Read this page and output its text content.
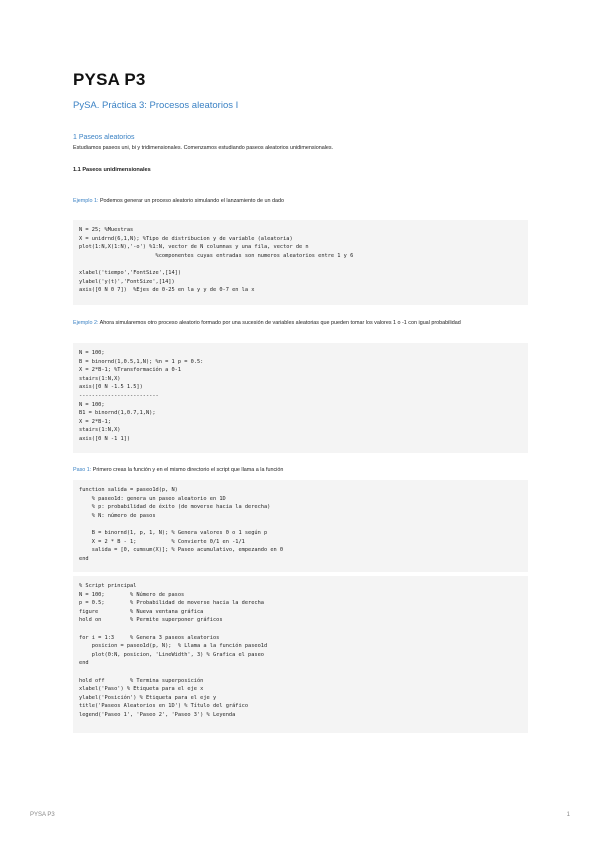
PYSA P3
PySA. Práctica 3: Procesos aleatorios I
1 Paseos aleatorios
Estudiamos paseos uni, bi y tridimensionales. Comenzamos estudiando paseos aleatorios unidimensionales.
1.1 Paseos unidimensionales
Ejemplo 1: Podemos generar un proceso aleatorio simulando el lanzamiento de un dado
N = 25; %Muestras
X = unidrnd(6,1,N); %Tipo de distribucion y de variable (aleatoria)
plot(1:N,X(1:N),'-o') %1:N, vector de N columnas y una fila, vector de n
%componentes cuyas entradas son numeros aleatorios entre 1 y 6

xlabel('tiempo','FontSize',[14])
ylabel('y(t)','FontSize',[14])
axis([0 N 0 7])  %Ejes de 0-25 en la y y de 0-7 en la x
Ejemplo 2: Ahora simularemos otro proceso aleatorio formado por una sucesión de variables aleatorias que pueden tomar los valores 1 o -1 con igual probabilidad
N = 100;
B = binornd(1,0.5,1,N); %n = 1 p = 0.5:
X = 2*B-1; %Transformación a 0-1
stairs(1:N,X)
axis([0 N -1.5 1.5])
-------------------------
N = 100;
B1 = binornd(1,0.7,1,N);
X = 2*B-1;
stairs(1:N,X)
axis([0 N -1 1])
Paso 1: Primero creas la función y en el mismo directorio el script que llama a la función
function salida = paseo1d(p, N)
% paseo1d: genera un paseo aleatorio en 1D
% p: probabilidad de éxito (de moverse hacia la derecha)
% N: número de pasos

B = binornd(1, p, 1, N); % Genera valores 0 o 1 según p
X = 2 * B - 1;           % Convierte 0/1 en -1/1
salida = [0, cumsum(X)]; % Paseo acumulativo, empezando en 0
end
% Script principal
N = 100;        % Número de pasos
p = 0.5;        % Probabilidad de moverse hacia la derecha
figure          % Nueva ventana gráfica
hold on         % Permite superponer gráficos

for i = 1:3     % Genera 3 paseos aleatorios
posicion = paseo1d(p, N);  % Llama a la función paseo1d
plot(0:N, posicion, 'LineWidth', 3) % Grafica el paseo
end

hold off        % Termina superposición
xlabel('Paso') % Etiqueta para el eje x
ylabel('Posición') % Etiqueta para el eje y
title('Paseos Aleatorios en 1D') % Título del gráfico
legend('Paseo 1', 'Paseo 2', 'Paseo 3') % Leyenda
PYSA P3	1
